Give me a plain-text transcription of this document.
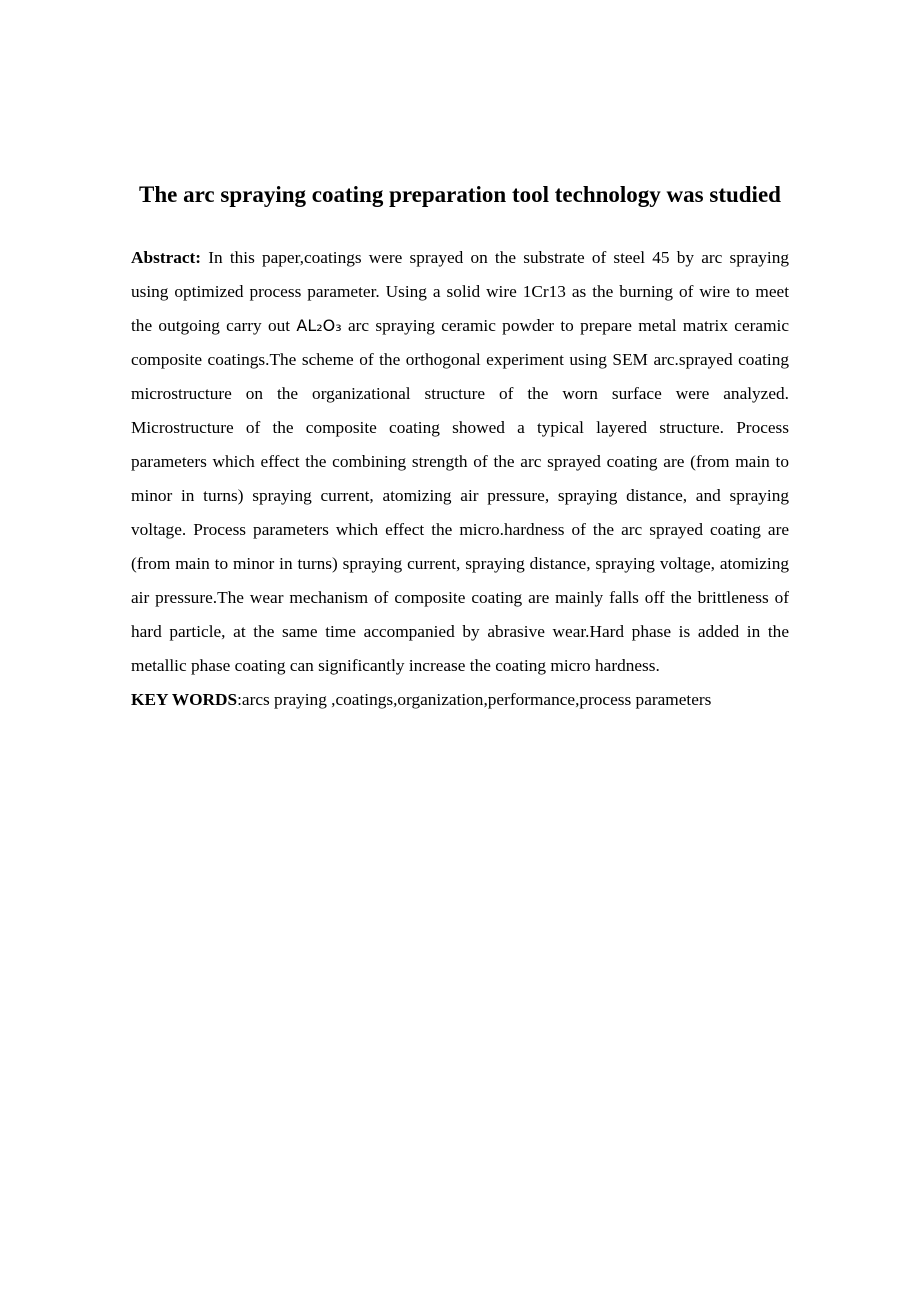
The arc spraying coating preparation tool technology was studied

Abstract: In this paper,coatings were sprayed on the substrate of steel 45 by arc spraying using optimized process parameter. Using a solid wire 1Cr13 as the burning of wire to meet the outgoing carry out AL₂O₃ arc spraying ceramic powder to prepare metal matrix ceramic composite coatings.The scheme of the orthogonal experiment using SEM arc.sprayed coating microstructure on the organizational structure of the worn surface were analyzed. Microstructure of the composite coating showed a typical layered structure. Process parameters which effect the combining strength of the arc sprayed coating are (from main to minor in turns) spraying current, atomizing air pressure, spraying distance, and spraying voltage. Process parameters which effect the micro.hardness of the arc sprayed coating are (from main to minor in turns) spraying current, spraying distance, spraying voltage, atomizing air pressure.The wear mechanism of composite coating are mainly falls off the brittleness of hard particle, at the same time accompanied by abrasive wear.Hard phase is added in the metallic phase coating can significantly increase the coating micro hardness.

KEY WORDS:arcs praying ,coatings,organization,performance,process parameters
